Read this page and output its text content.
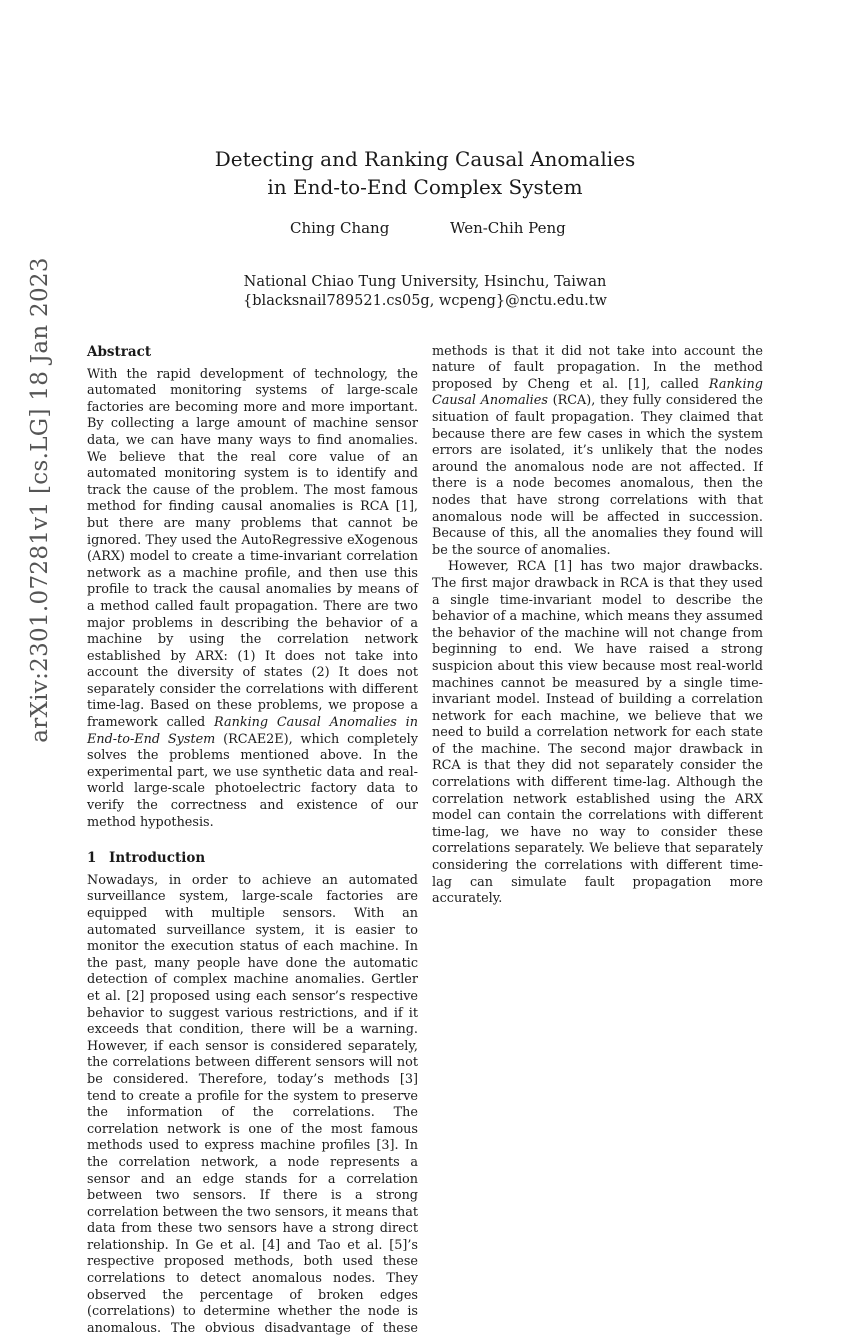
Detecting and Ranking Causal Anomalies
in End-to-End Complex System
Ching Chang	Wen-Chih Peng
National Chiao Tung University, Hsinchu, Taiwan
{blacksnail789521.cs05g, wcpeng}@nctu.edu.tw
arXiv:2301.07281v1 [cs.LG] 18 Jan 2023	Abstract

With the rapid development of technology, the automated monitoring systems of large-scale factories are becoming more and more important. By collecting a large amount of machine sensor data, we can have many ways to find anomalies. We believe that the real core value of an automated monitoring system is to identify and track the cause of the problem. The most famous method for finding causal anomalies is RCA [1], but there are many problems that cannot be ignored. They used the AutoRegressive eXogenous (ARX) model to create a time-invariant correlation network as a machine profile, and then use this profile to track the causal anomalies by means of a method called fault propagation. There are two major problems in describing the behavior of a machine by using the correlation network established by ARX: (1) It does not take into account the diversity of states (2) It does not separately consider the correlations with different time-lag. Based on these problems, we propose a framework called Ranking Causal Anomalies in End-to-End System (RCAE2E), which completely solves the problems mentioned above. In the experimental part, we use synthetic data and real-world large-scale photoelectric factory data to verify the correctness and existence of our method hypothesis.

1 Introduction

Nowadays, in order to achieve an automated surveillance system, large-scale factories are equipped with multiple sensors. With an automated surveillance system, it is easier to monitor the execution status of each machine. In the past, many people have done the automatic detection of complex machine anomalies. Gertler et al. [2] proposed using each sensor’s respective behavior to suggest various restrictions, and if it exceeds that condition, there will be a warning. However, if each sensor is considered separately, the correlations between different sensors will not be considered. Therefore, today’s methods [3] tend to create a profile for the system to preserve the information of the correlations. The correlation network is one of the most famous methods used to express machine profiles [3]. In the correlation network, a node represents a sensor and an edge stands for a correlation between two sensors. If there is a strong correlation between the two sensors, it means that data from these two sensors have a strong direct relationship. In Ge et al. [4] and Tao et al. [5]’s respective proposed methods, both used these correlations to detect anomalous nodes. They observed the percentage of broken edges (correlations) to determine whether the node is anomalous. The obvious disadvantage of these

methods is that it did not take into account the nature of fault propagation. In the method proposed by Cheng et al. [1], called Ranking Causal Anomalies (RCA), they fully considered the situation of fault propagation. They claimed that because there are few cases in which the system errors are isolated, it’s unlikely that the nodes around the anomalous node are not affected. If there is a node becomes anomalous, then the nodes that have strong correlations with that anomalous node will be affected in succession. Because of this, all the anomalies they found will be the source of anomalies.

However, RCA [1] has two major drawbacks. The first major drawback in RCA is that they used a single time-invariant model to describe the behavior of a machine, which means they assumed the behavior of the machine will not change from beginning to end. We have raised a strong suspicion about this view because most real-world machines cannot be measured by a single time-invariant model. Instead of building a correlation network for each machine, we believe that we need to build a correlation network for each state of the machine. The second major drawback in RCA is that they did not separately consider the correlations with different time-lag. Although the correlation network established using the ARX model can contain the correlations with different time-lag, we have no way to consider these correlations separately. We believe that separately considering the correlations with different time-lag can simulate fault propagation more accurately.
